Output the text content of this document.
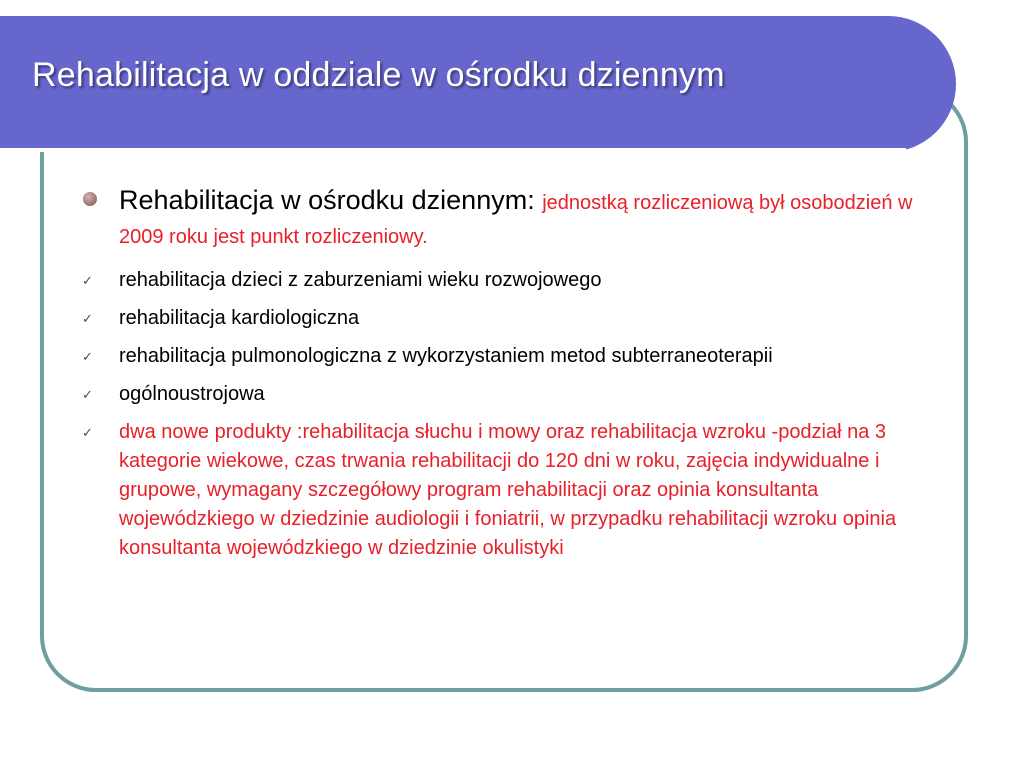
Rehabilitacja w oddziale w ośrodku dziennym
Rehabilitacja w ośrodku dziennym: jednostką rozliczeniową był osobodzień w 2009 roku jest punkt rozliczeniowy.
✓ rehabilitacja dzieci z zaburzeniami wieku rozwojowego
✓ rehabilitacja kardiologiczna
✓ rehabilitacja pulmonologiczna z wykorzystaniem metod subterraneoterapii
✓ ogólnoustrojowa
✓ dwa nowe produkty :rehabilitacja słuchu i mowy oraz rehabilitacja wzroku -podział na 3 kategorie wiekowe, czas trwania rehabilitacji do 120 dni w roku, zajęcia indywidualne i grupowe, wymagany szczegółowy program rehabilitacji oraz opinia konsultanta wojewódzkiego w dziedzinie audiologii i foniatrii, w przypadku rehabilitacji wzroku opinia konsultanta wojewódzkiego w dziedzinie okulistyki
